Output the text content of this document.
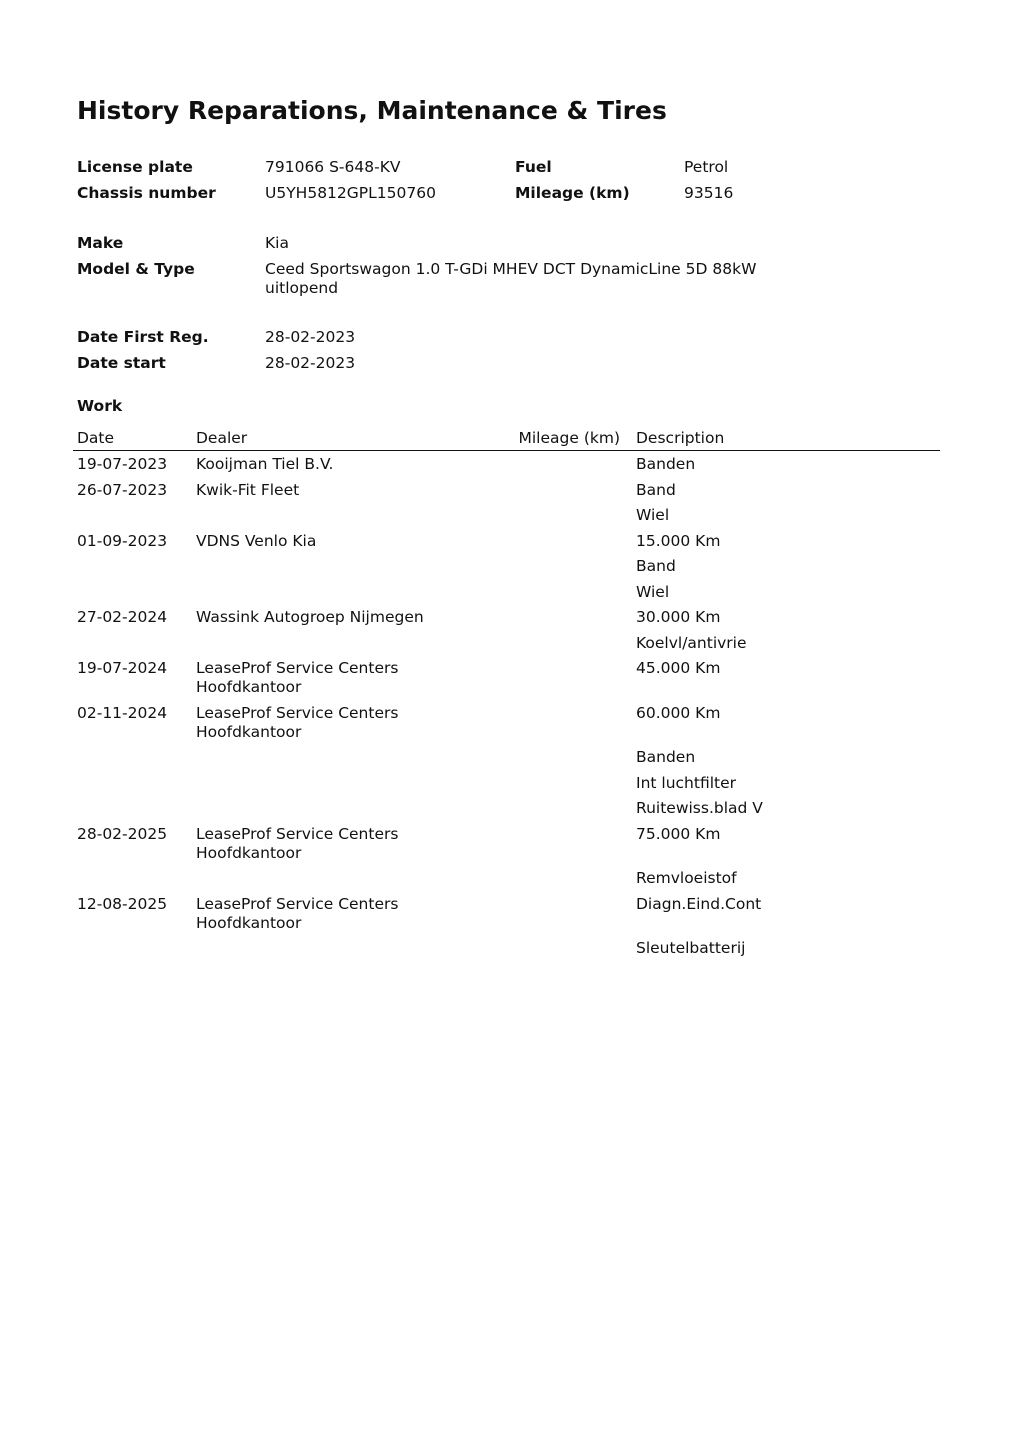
History Reparations, Maintenance & Tires
License plate	791066 S-648-KV	Fuel	Petrol
Chassis number	U5YH5812GPL150760	Mileage (km)	93516
Make	Kia
Model & Type	Ceed Sportswagon 1.0 T-GDi MHEV DCT DynamicLine 5D 88kW uitlopend
Date First Reg.	28-02-2023
Date start	28-02-2023
Work
Date	Dealer	Mileage (km) Description
19-07-2023 Kooijman Tiel B.V.	Banden
26-07-2023 Kwik-Fit Fleet	Band
Wiel
01-09-2023 VDNS Venlo Kia	15.000 Km
Band
Wiel
27-02-2024 Wassink Autogroep Nijmegen	30.000 Km
Koelvl/antivrie
19-07-2024 LeaseProf Service Centers Hoofdkantoor
45.000 Km
02-11-2024 LeaseProf Service Centers Hoofdkantoor
60.000 Km
Banden
Int luchtfilter
Ruitewiss.blad V
28-02-2025 LeaseProf Service Centers Hoofdkantoor
75.000 Km
Remvloeistof
12-08-2025 LeaseProf Service Centers Hoofdkantoor
Diagn.Eind.Cont
Sleutelbatterij
